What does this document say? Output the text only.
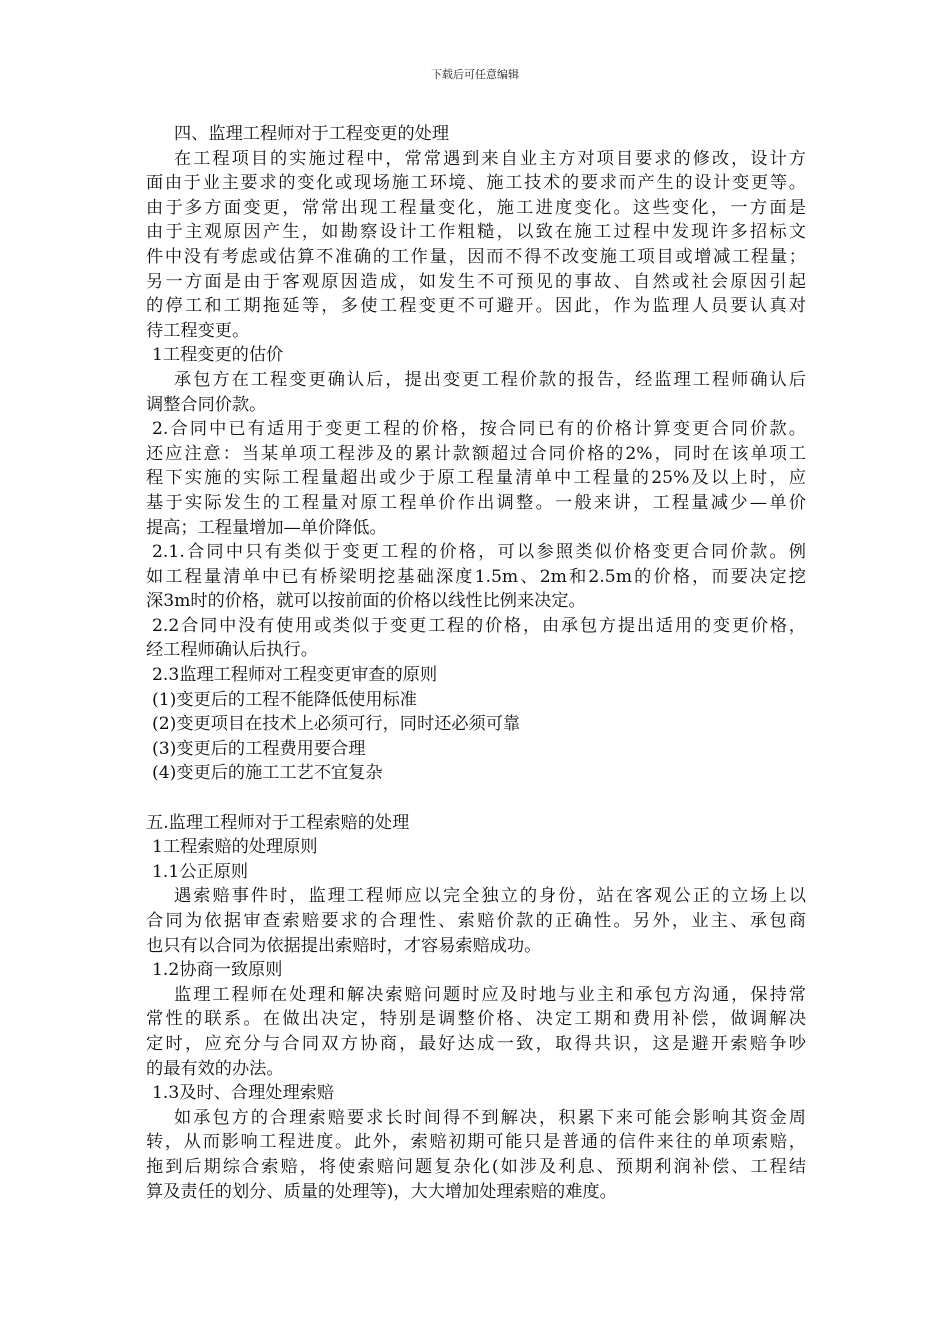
下载后可任意编辑
四、监理工程师对于工程变更的处理
在工程项目的实施过程中，常常遇到来自业主方对项目要求的修改，设计方
面由于业主要求的变化或现场施工环境、施工技术的要求而产生的设计变更等。
由于多方面变更，常常出现工程量变化，施工进度变化。这些变化，一方面是
由于主观原因产生，如勘察设计工作粗糙，以致在施工过程中发现许多招标文
件中没有考虑或估算不准确的工作量，因而不得不改变施工项目或增减工程量；
另一方面是由于客观原因造成，如发生不可预见的事故、自然或社会原因引起
的停工和工期拖延等，多使工程变更不可避开。因此，作为监理人员要认真对
待工程变更。
1工程变更的估价
承包方在工程变更确认后，提出变更工程价款的报告，经监理工程师确认后
调整合同价款。
2.合同中已有适用于变更工程的价格，按合同已有的价格计算变更合同价款。
还应注意：当某单项工程涉及的累计款额超过合同价格的2%，同时在该单项工
程下实施的实际工程量超出或少于原工程量清单中工程量的25%及以上时，应
基于实际发生的工程量对原工程单价作出调整。一般来讲，工程量减少—单价
提高；工程量增加—单价降低。
2.1.合同中只有类似于变更工程的价格，可以参照类似价格变更合同价款。例
如工程量清单中已有桥梁明挖基础深度1.5m、2m和2.5m的价格，而要决定挖
深3m时的价格，就可以按前面的价格以线性比例来决定。
2.2合同中没有使用或类似于变更工程的价格，由承包方提出适用的变更价格，
经工程师确认后执行。
2.3监理工程师对工程变更审查的原则
(1)变更后的工程不能降低使用标准
(2)变更项目在技术上必须可行，同时还必须可靠
(3)变更后的工程费用要合理
(4)变更后的施工工艺不宜复杂
五.监理工程师对于工程索赔的处理
1工程索赔的处理原则
1.1公正原则
遇索赔事件时，监理工程师应以完全独立的身份，站在客观公正的立场上以
合同为依据审查索赔要求的合理性、索赔价款的正确性。另外，业主、承包商
也只有以合同为依据提出索赔时，才容易索赔成功。
1.2协商一致原则
监理工程师在处理和解决索赔问题时应及时地与业主和承包方沟通，保持常
常性的联系。在做出决定，特别是调整价格、决定工期和费用补偿，做调解决
定时，应充分与合同双方协商，最好达成一致，取得共识，这是避开索赔争吵
的最有效的办法。
1.3及时、合理处理索赔
如承包方的合理索赔要求长时间得不到解决，积累下来可能会影响其资金周
转，从而影响工程进度。此外，索赔初期可能只是普通的信件来往的单项索赔，
拖到后期综合索赔，将使索赔问题复杂化(如涉及利息、预期利润补偿、工程结
算及责任的划分、质量的处理等)，大大增加处理索赔的难度。
